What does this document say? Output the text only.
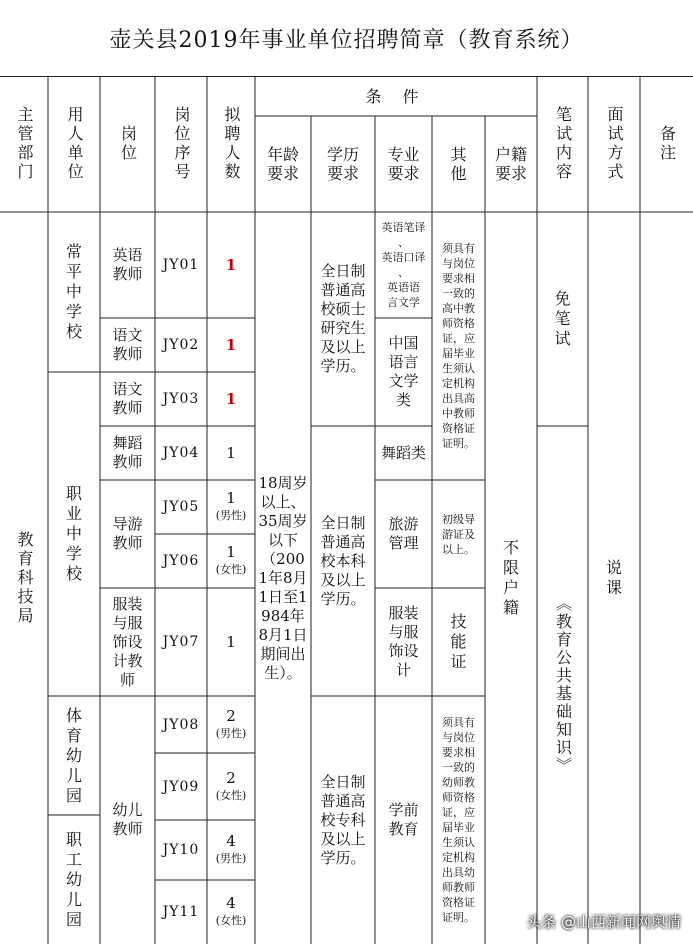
壶关县2019年事业单位招聘简章（教育系统）
主管部门 用人单位 岗位 岗位序号 拟聘人数
条 件
年龄要求
学历要求
专业要求
其他
户籍要求	笔试内容 面试方式 备注
教育科技局
常平中学校
职业中学校
体育幼儿园
职工幼儿园
英语教师
语文教师
语文教师
舞蹈教师
导游教师
服装与服饰设计教师
幼儿教师
JY01
JY02
JY03
JY04
JY05
JY06
JY07
JY08
JY09
JY10
JY11
1
1
1
1
1
(男性)
1
(女性)
1
2
(男性)
2
(女性)
4
(男性)
4
(女性)
18周岁以上、35周岁以下（2001年8月1日至1984年8月1日期间出生）。
全日制普通高校硕士研究生及以上学历。
全日制普通高校本科及以上学历。
全日制普通高校专科及以上学历。
英语笔译
、
英语口译
、
英语语言文学
中国语言文学类
舞蹈类
旅游管理
服装与服饰设计
学前教育
须具有与岗位要求相一致的高中教师资格证，应届毕业生须认定机构出具高中教师资格证证明。
初级导游证及以上。
技能证
须具有与岗位要求相一致的幼师教师资格证，应届毕业生须认定机构出具幼师教师资格证证明。
不限户籍
免笔试
《教育公共基础知识》
说课
头条 @山西新闻网舆情
